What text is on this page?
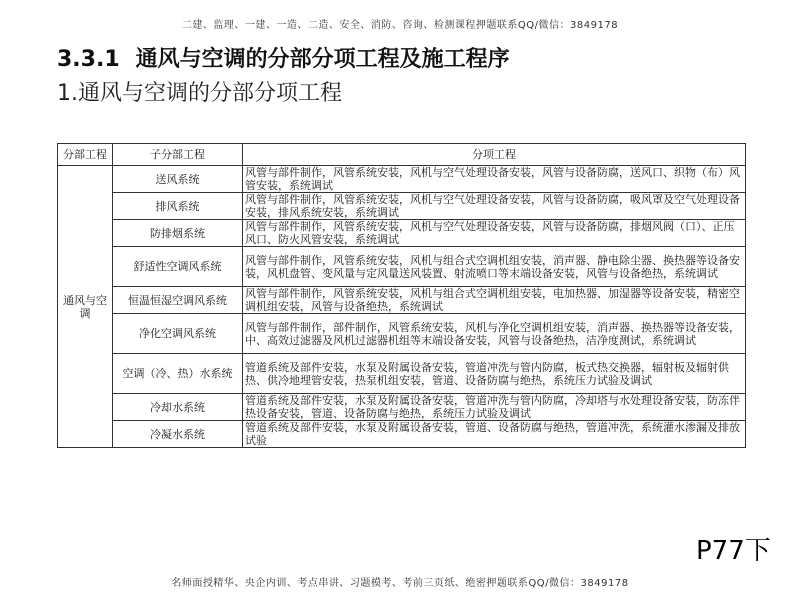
二建、监理、一建、一造、二造、安全、消防、咨询、检测课程押题联系QQ/微信：3849178
3.3.1 通风与空调的分部分项工程及施工程序
1.通风与空调的分部分项工程
分部工程	子分部工程	分项工程
通风与空调	送风系统	风管与部件制作，风管系统安装，风机与空气处理设备安装，风管与设备防腐，送风口、织物（布）风管安装，系统调试
	排风系统	风管与部件制作，风管系统安装，风机与空气处理设备安装，风管与设备防腐，吸风罩及空气处理设备安装，排风系统安装，系统调试
	防排烟系统	风管与部件制作，风管系统安装，风机与空气处理设备安装，风管与设备防腐，排烟风阀（口）、正压风口、防火风管安装，系统调试
	舒适性空调风系统	风管与部件制作，风管系统安装，风机与组合式空调机组安装，消声器、静电除尘器、换热器等设备安装，风机盘管、变风量与定风量送风装置、射流喷口等末端设备安装，风管与设备绝热，系统调试
	恒温恒湿空调风系统	风管与部件制作，风管系统安装，风机与组合式空调机组安装，电加热器、加湿器等设备安装，精密空调机组安装，风管与设备绝热，系统调试
	净化空调风系统	风管与部件制作，部件制作，风管系统安装，风机与净化空调机组安装，消声器、换热器等设备安装，中、高效过滤器及风机过滤器机组等末端设备安装，风管与设备绝热，洁净度测试，系统调试
	空调（冷、热）水系统	管道系统及部件安装，水泵及附属设备安装，管道冲洗与管内防腐，板式热交换器，辐射板及辐射供热、供冷地埋管安装，热泵机组安装，管道、设备防腐与绝热，系统压力试验及调试
	冷却水系统	管道系统及部件安装，水泵及附属设备安装，管道冲洗与管内防腐，冷却塔与水处理设备安装，防冻伴热设备安装，管道、设备防腐与绝热，系统压力试验及调试
	冷凝水系统	管道系统及部件安装，水泵及附属设备安装，管道、设备防腐与绝热，管道冲洗，系统灌水渗漏及排放试验
P77下
名师面授精华、央企内训、考点串讲、习题模考、考前三页纸、绝密押题联系QQ/微信：3849178
